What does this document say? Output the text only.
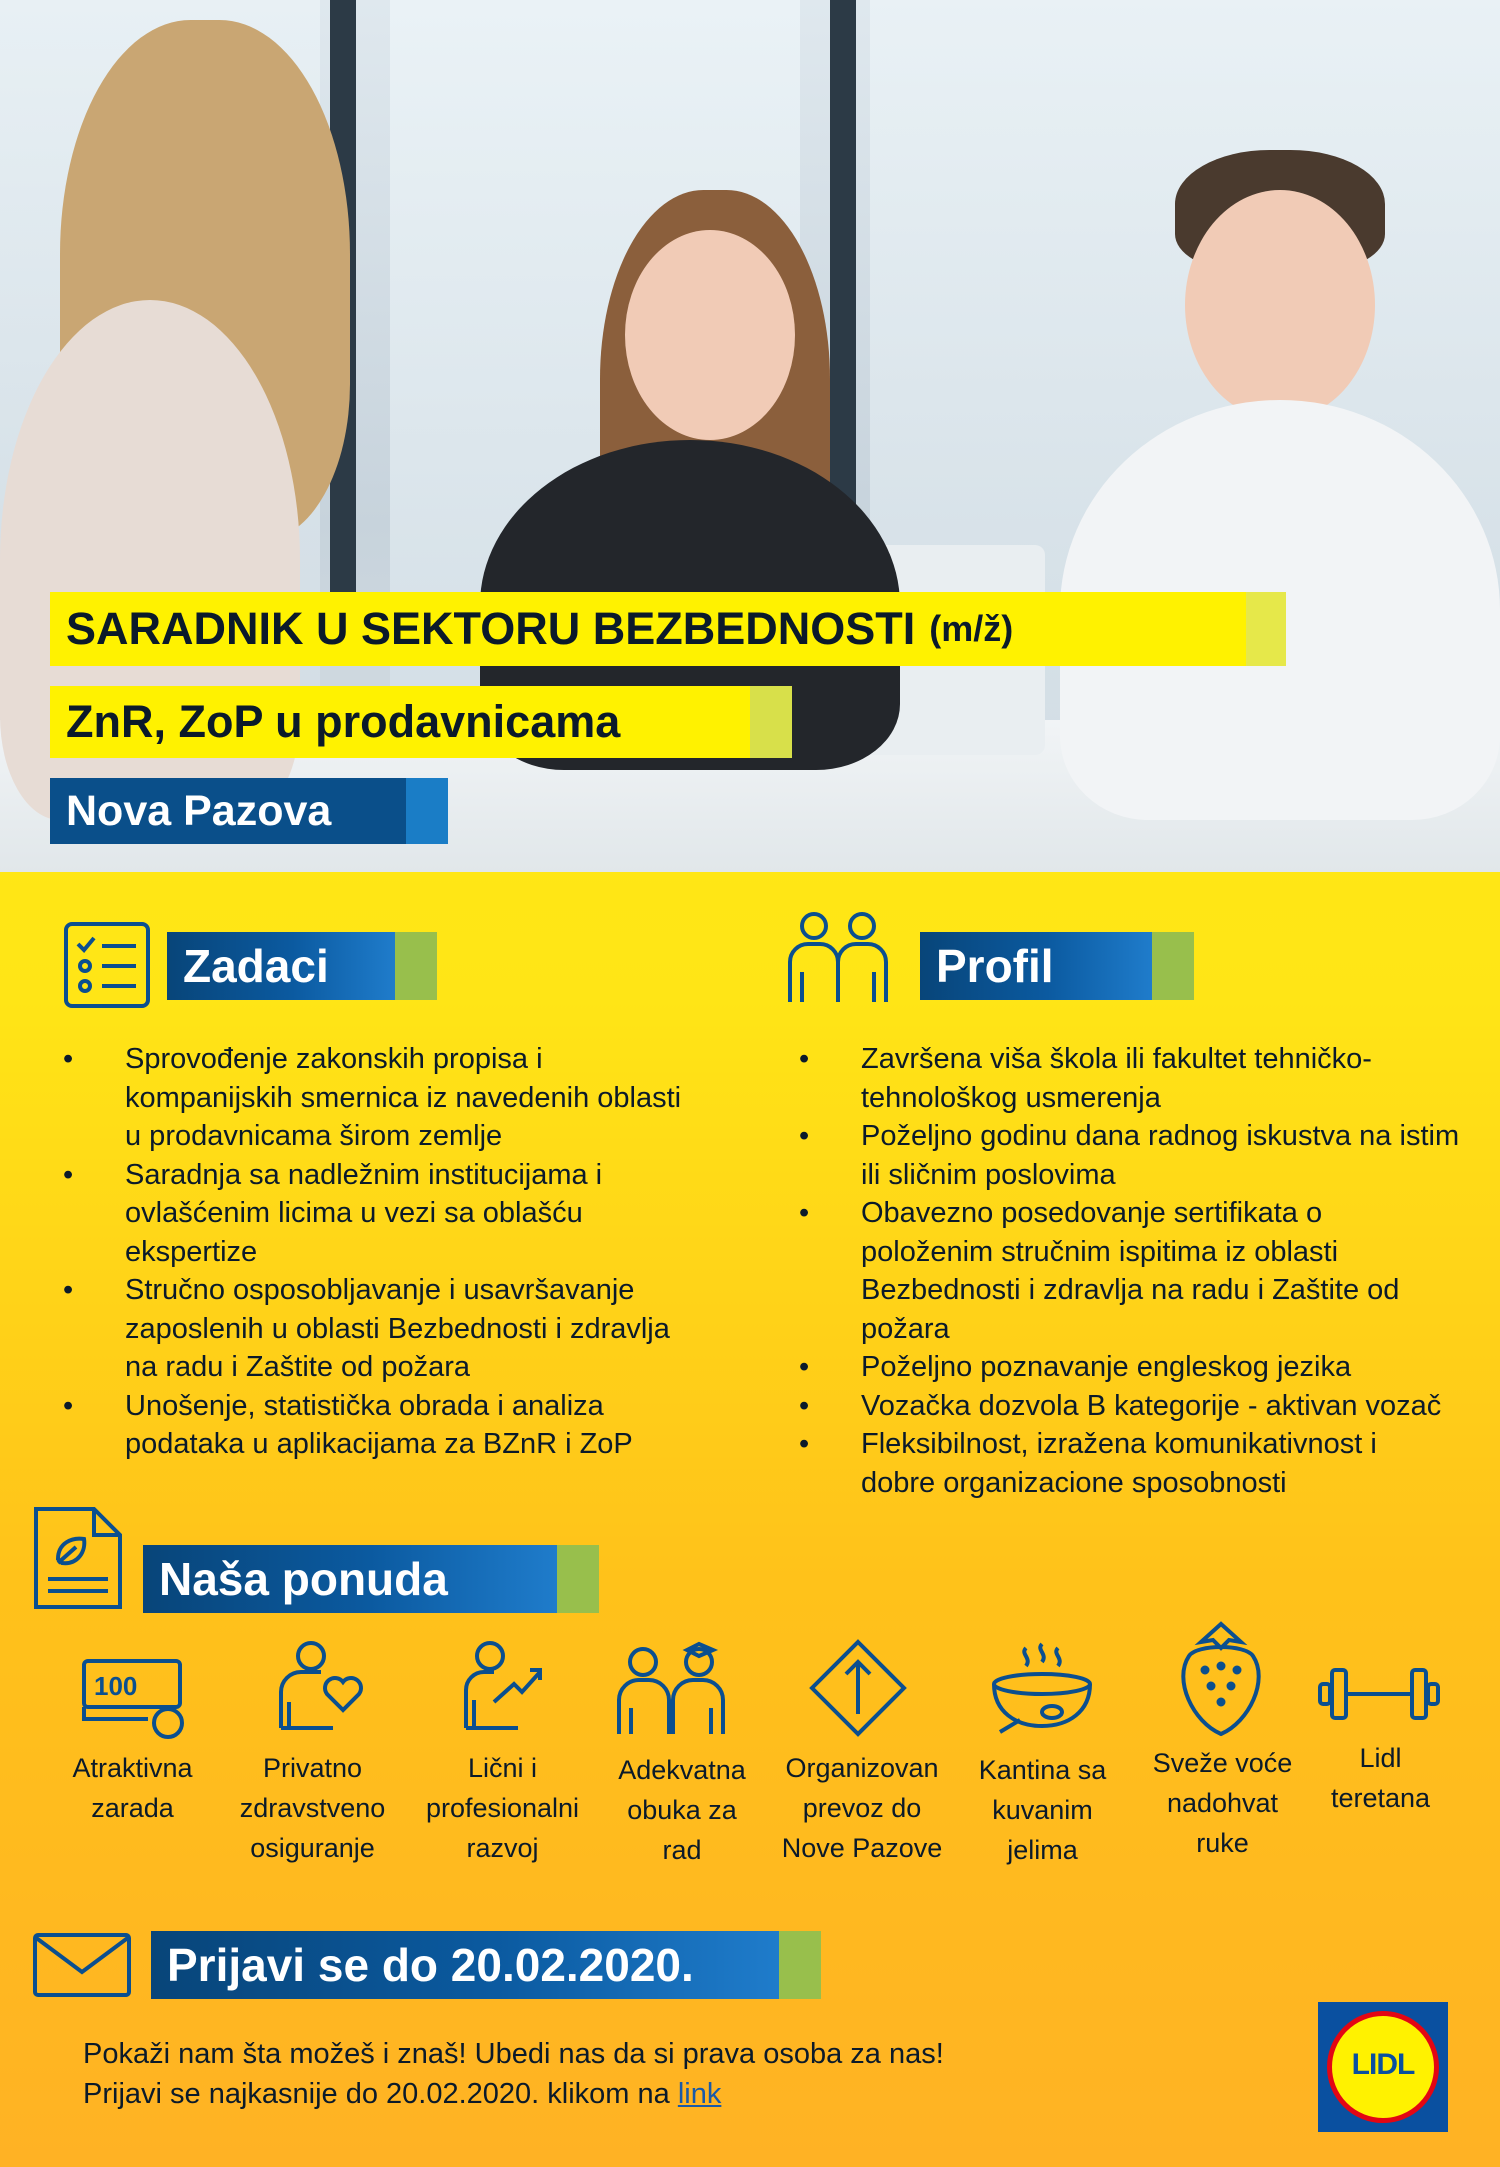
SARADNIK U SEKTORU BEZBEDNOSTI (m/ž)
ZnR, ZoP u prodavnicama
Nova Pazova
Zadaci
• Sprovođenje zakonskih propisa i
kompanijskih smernica iz navedenih oblasti
u prodavnicama širom zemlje
• Saradnja sa nadležnim institucijama i
ovlašćenim licima u vezi sa oblašću
ekspertize
• Stručno osposobljavanje i usavršavanje
zaposlenih u oblasti Bezbednosti i zdravlja
na radu i Zaštite od požara
• Unošenje, statistička obrada i analiza
podataka u aplikacijama za BZnR i ZoP
Profil
• Završena viša škola ili fakultet tehničko-
tehnološkog usmerenja
• Poželjno godinu dana radnog iskustva na istim
ili sličnim poslovima
• Obavezno posedovanje sertifikata o
položenim stručnim ispitima iz oblasti
Bezbednosti i zdravlja na radu i Zaštite od
požara
• Poželjno poznavanje engleskog jezika
• Vozačka dozvola B kategorije - aktivan vozač
• Fleksibilnost, izražena komunikativnost i
dobre organizacione sposobnosti
Naša ponuda
100
Atraktivna
zarada
Privatno
zdravstveno
osiguranje
Lični i
profesionalni
razvoj
Adekvatna
obuka za
rad
Organizovan
prevoz do
Nove Pazove
Kantina sa
kuvanim
jelima
Sveže voće
nadohvat
ruke
Lidl
teretana
Prijavi se do 20.02.2020.
Pokaži nam šta možeš i znaš! Ubedi nas da si prava osoba za nas!
Prijavi se najkasnije do 20.02.2020. klikom na link
LIDL
